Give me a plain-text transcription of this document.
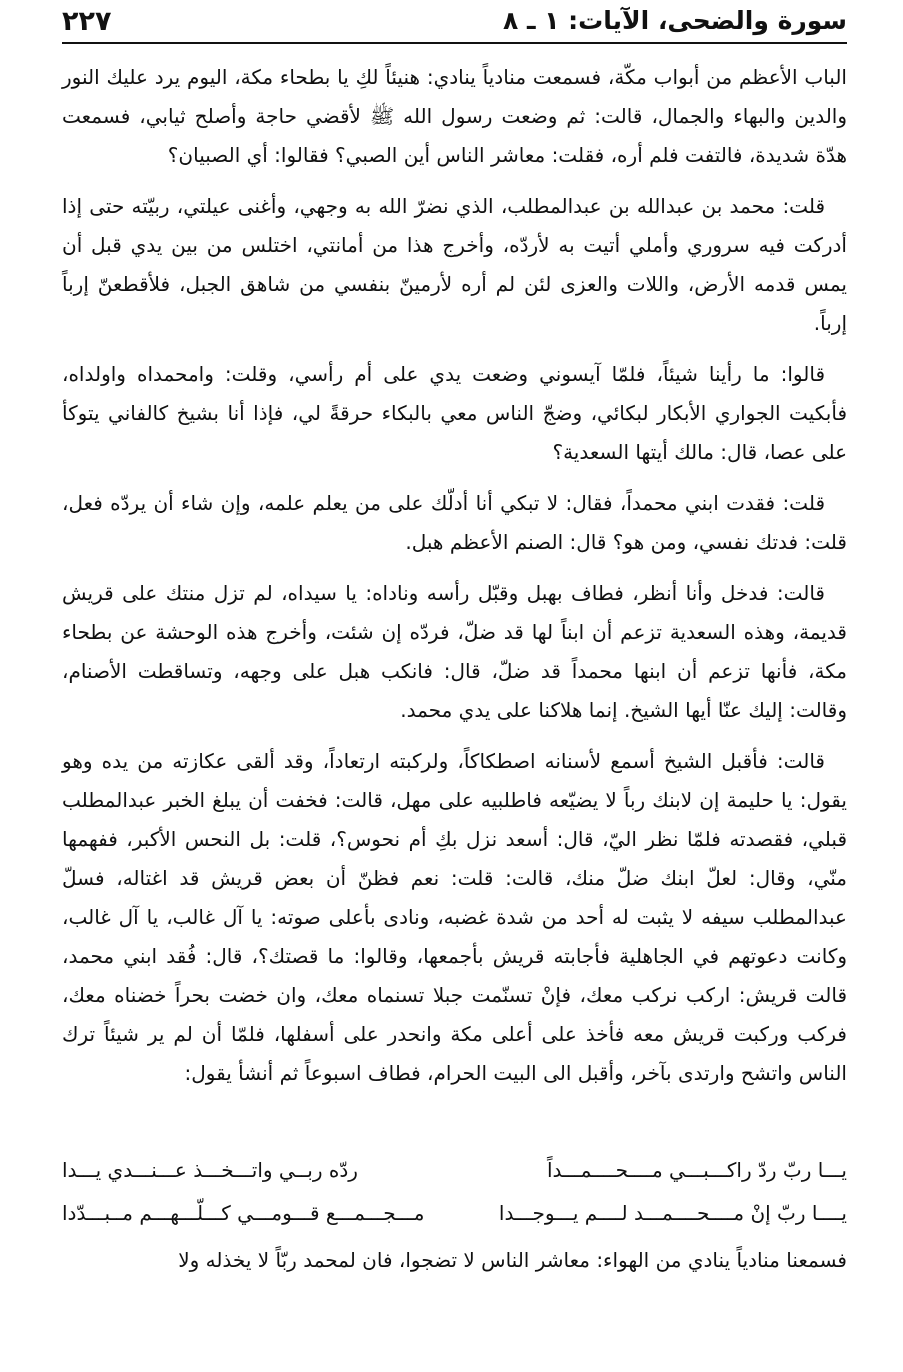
٢٢٧	سورة والضحى، الآيات: ١ ـ ٨

الباب الأعظم من أبواب مكّة، فسمعت منادياً ينادي: هنيئاً لكِ يا بطحاء مكة، اليوم يرد عليك النور والدين والبهاء والجمال، قالت: ثم وضعت رسول الله ﷺ لأقضي حاجة وأصلح ثيابي، فسمعت هدّة شديدة، فالتفت فلم أره، فقلت: معاشر الناس أين الصبي؟ فقالوا: أي الصبيان؟

قلت: محمد بن عبدالله بن عبدالمطلب، الذي نضرّ الله به وجهي، وأغنى عيلتي، ربيّته حتى إذا أدركت فيه سروري وأملي أتيت به لأردّه، وأخرج هذا من أمانتي، اختلس من بين يدي قبل أن يمس قدمه الأرض، واللات والعزى لئن لم أره لأرمينّ بنفسي من شاهق الجبل، فلأقطعنّ إرباً إرباً.

قالوا: ما رأينا شيئاً، فلمّا آيسوني وضعت يدي على أم رأسي، وقلت: وامحمداه واولداه، فأبكيت الجواري الأبكار لبكائي، وضجّ الناس معي بالبكاء حرقةً لي، فإذا أنا بشيخ كالفاني يتوكأ على عصا، قال: مالك أيتها السعدية؟

قلت: فقدت ابني محمداً، فقال: لا تبكي أنا أدلّك على من يعلم علمه، وإن شاء أن يردّه فعل، قلت: فدتك نفسي، ومن هو؟ قال: الصنم الأعظم هبل.

قالت: فدخل وأنا أنظر، فطاف بهبل وقبّل رأسه وناداه: يا سيداه، لم تزل منتك على قريش قديمة، وهذه السعدية تزعم أن ابناً لها قد ضلّ، فردّه إن شئت، وأخرج هذه الوحشة عن بطحاء مكة، فأنها تزعم أن ابنها محمداً قد ضلّ، قال: فانكب هبل على وجهه، وتساقطت الأصنام، وقالت: إليك عنّا أيها الشيخ. إنما هلاكنا على يدي محمد.

قالت: فأقبل الشيخ أسمع لأسنانه اصطكاكاً، ولركبته ارتعاداً، وقد ألقى عكازته من يده وهو يقول: يا حليمة إن لابنك رباً لا يضيّعه فاطلبيه على مهل، قالت: فخفت أن يبلغ الخبر عبدالمطلب قبلي، فقصدته فلمّا نظر اليّ، قال: أسعد نزل بكِ أم نحوس؟، قلت: بل النحس الأكبر، ففهمها منّي، وقال: لعلّ ابنك ضلّ منك، قالت: قلت: نعم فظنّ أن بعض قريش قد اغتاله، فسلّ عبدالمطلب سيفه لا يثبت له أحد من شدة غضبه، ونادى بأعلى صوته: يا آل غالب، يا آل غالب، وكانت دعوتهم في الجاهلية فأجابته قريش بأجمعها، وقالوا: ما قصتك؟، قال: فُقد ابني محمد، قالت قريش: اركب نركب معك، فإنْ تسنّمت جبلا تسنماه معك، وان خضت بحراً خضناه معك، فركب وركبت قريش معه فأخذ على أعلى مكة وانحدر على أسفلها، فلمّا أن لم ير شيئاً ترك الناس واتشح وارتدى بآخر، وأقبل الى البيت الحرام، فطاف اسبوعاً ثم أنشأ يقول:

يـــا ربّ ردّ راكـــبـــي مــــحــــمـــداً
ردّه ربــي واتـــخـــذ عـــنـــدي يـــدا
يــــا ربّ إنْ مــــحــــمـــد لــــم يـــوجـــدا
مـــجـــمـــع قـــومـــي كـــلّـــهـــم مــبـــدّدا
فسمعنا منادياً ينادي من الهواء: معاشر الناس لا تضجوا، فان لمحمد ربّاً لا يخذله ولا
